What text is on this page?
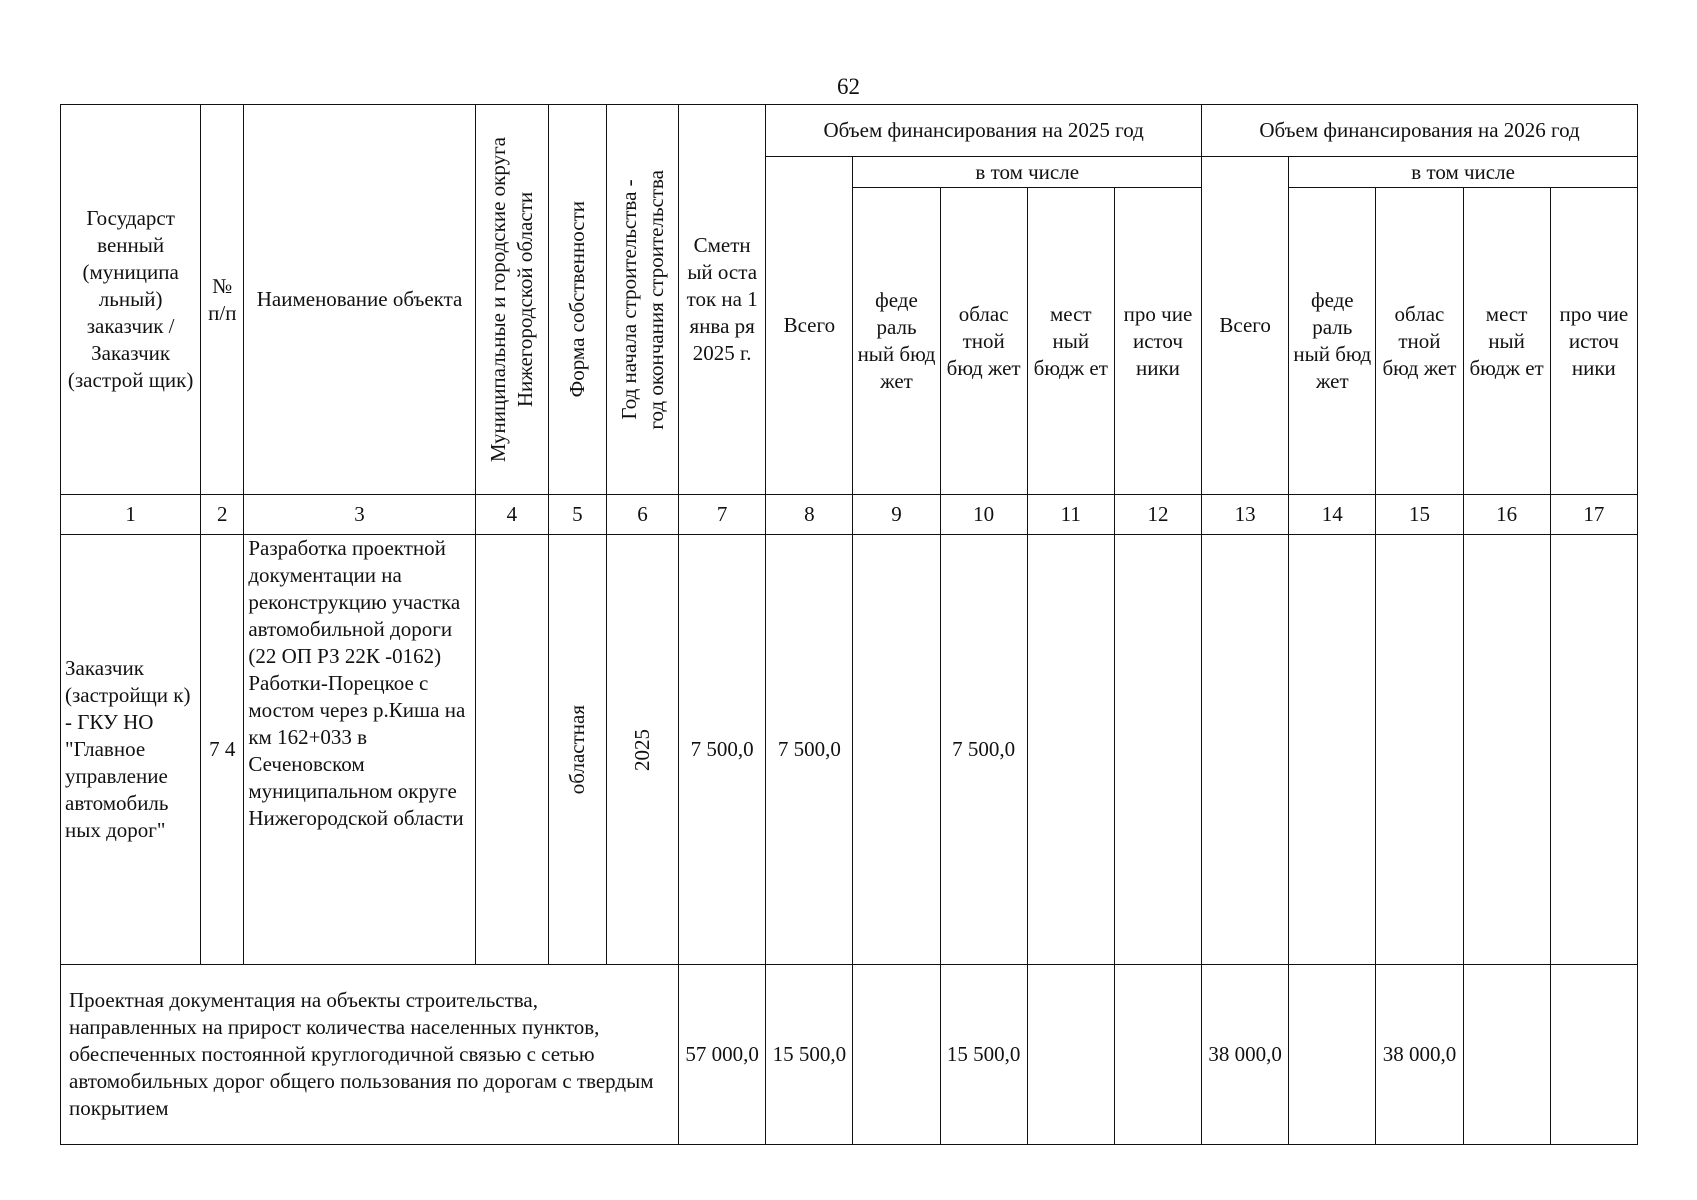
62
Государст венный (муниципа льный) заказчик / Заказчик (застрой щик)	№ п/п	Наименование объекта	Муниципальные и городские округа Нижегородской области	Форма собственности	Год начала строительства - год окончания строительства	Сметн ый оста ток на 1 янва ря 2025 г.	Объем финансирования на 2025 год					Объем финансирования на 2026 год				
							Всего	в том числе				Всего	в том числе			
								феде раль ный бюд жет	облас тной бюд жет	мест ный бюдж ет	про чие источ ники		феде раль ный бюд жет	облас тной бюд жет	мест ный бюдж ет	про чие источ ники
1	2	3	4	5	6	7	8	9	10	11	12	13	14	15	16	17
Заказчик (застройщи к) - ГКУ НО "Главное управление автомобиль ных дорог"	7 4	Разработка проектной документации на реконструкцию участка автомобильной дороги (22 ОП РЗ 22К -0162) Работки-Порецкое с мостом через р.Киша на км 162+033 в Сеченовском муниципальном округе Нижегородской области		областная	2025	7 500,0	7 500,0		7 500,0							
Проектная документация на объекты строительства, направленных на прирост количества населенных пунктов, обеспеченных постоянной круглогодичной связью с сетью автомобильных дорог общего пользования по дорогам с твердым покрытием						57 000,0	15 500,0		15 500,0			38 000,0		38 000,0		
